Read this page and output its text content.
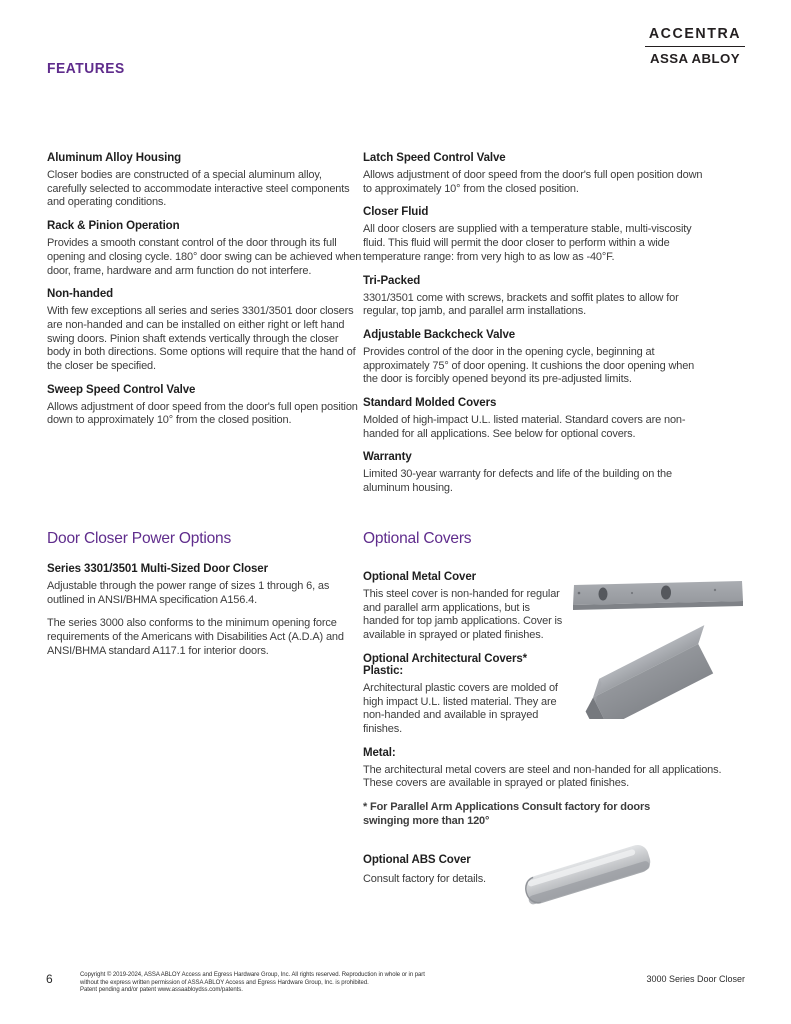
FEATURES
ACCENTRA
ASSA ABLOY
Aluminum Alloy Housing

Closer bodies are constructed of a special aluminum alloy, carefully selected to accommodate interactive steel components and operating conditions.

Rack & Pinion Operation

Provides a smooth constant control of the door through its full opening and closing cycle. 180° door swing can be achieved when door, frame, hardware and arm function do not interfere.

Non-handed

With few exceptions all series and series 3301/3501 door closers are non-handed and can be installed on either right or left hand swing doors. Pinion shaft extends vertically through the closer body in both directions. Some options will require that the hand of the closer be specified.

Sweep Speed Control Valve

Allows adjustment of door speed from the door's full open position down to approximately 10° from the closed position.

Latch Speed Control Valve

Allows adjustment of door speed from the door's full open position down to approximately 10° from the closed position.

Closer Fluid

All door closers are supplied with a temperature stable, multi-viscosity fluid. This fluid will permit the door closer to perform within a wide temperature range: from very high to as low as -40°F.

Tri-Packed

3301/3501 come with screws, brackets and soffit plates to allow for regular, top jamb, and parallel arm installations.

Adjustable Backcheck Valve

Provides control of the door in the opening cycle, beginning at approximately 75° of door opening. It cushions the door opening when the door is forcibly opened beyond its pre-adjusted limits.

Standard Molded Covers

Molded of high-impact U.L. listed material. Standard covers are non-handed for all applications. See below for optional covers.

Warranty

Limited 30-year warranty for defects and life of the building on the aluminum housing.

Door Closer Power Options
Series 3301/3501 Multi-Sized Door Closer

Adjustable through the power range of sizes 1 through 6, as outlined in ANSI/BHMA specification A156.4.

The series 3000 also conforms to the minimum opening force requirements of the Americans with Disabilities Act (A.D.A) and ANSI/BHMA standard A117.1 for interior doors.

Optional Covers
Optional Metal Cover

This steel cover is non-handed for regular and parallel arm applications, but is handed for top jamb applications. Cover is available in sprayed or plated finishes.

Optional Architectural Covers* Plastic:

Architectural plastic covers are molded of high impact U.L. listed material. They are non-handed and available in sprayed finishes.

Metal:

The architectural metal covers are steel and non-handed for all applications. These covers are available in sprayed or plated finishes.

* For Parallel Arm Applications Consult factory for doors swinging more than 120°

Optional ABS Cover

Consult factory for details.

6	Copyright © 2019-2024, ASSA ABLOY Access and Egress Hardware Group, Inc. All rights reserved. Reproduction in whole or in part
without the express written permission of ASSA ABLOY Access and Egress Hardware Group, Inc. is prohibited.
Patent pending and/or patent www.assaabloydss.com/patents.
3000 Series Door Closer
